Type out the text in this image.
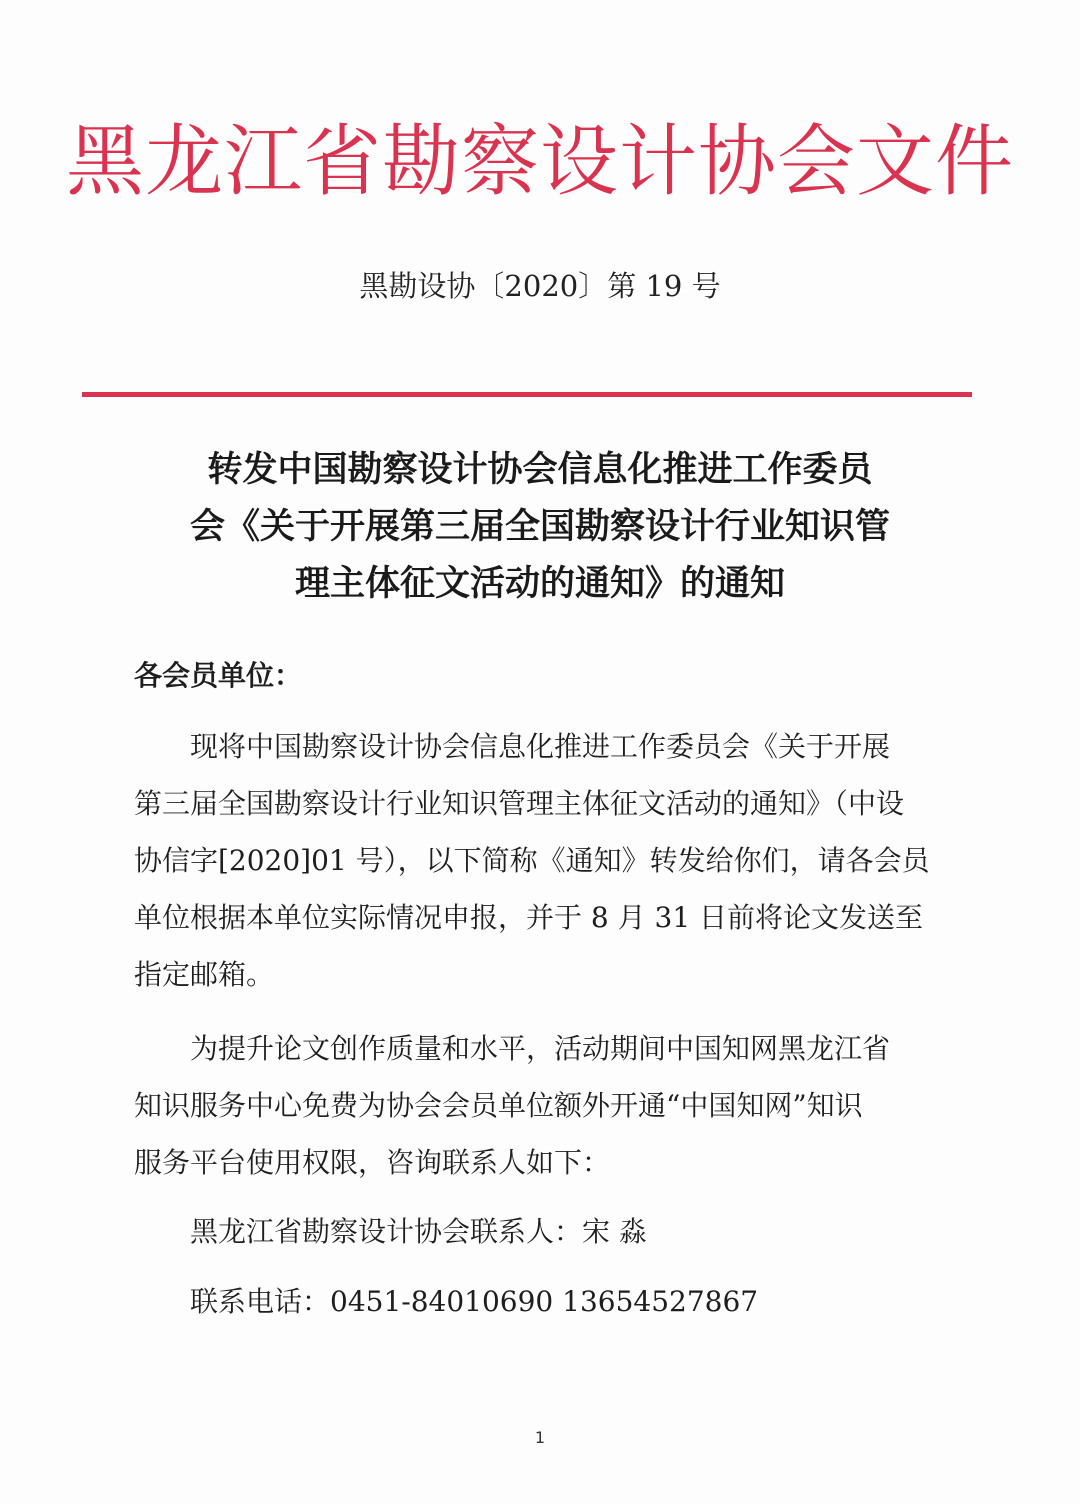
黑龙江省勘察设计协会文件
黑勘设协〔2020〕第 19 号
转发中国勘察设计协会信息化推进工作委员
会《关于开展第三届全国勘察设计行业知识管
理主体征文活动的通知》的通知
各会员单位：
现将中国勘察设计协会信息化推进工作委员会《关于开展
第三届全国勘察设计行业知识管理主体征文活动的通知》（中设
协信字[2020]01 号），以下简称《通知》转发给你们，请各会员
单位根据本单位实际情况申报，并于 8 月 31 日前将论文发送至
指定邮箱。
为提升论文创作质量和水平，活动期间中国知网黑龙江省
知识服务中心免费为协会会员单位额外开通“中国知网”知识
服务平台使用权限，咨询联系人如下：
黑龙江省勘察设计协会联系人：宋 淼
联系电话：0451-84010690 13654527867
1
